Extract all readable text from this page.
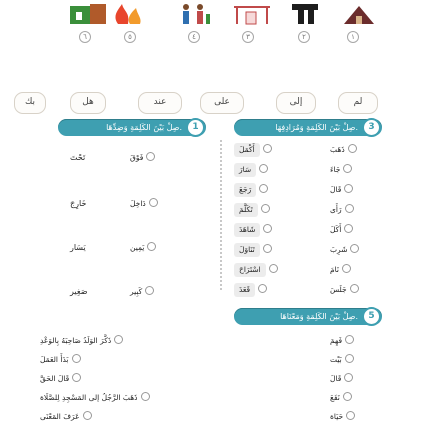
٦	٥	٤	٣	٢	١
بك	هل	عند	على	إلى	لم
صِلْ بَيْنَ الكَلِمَةِ وَضِدِّهَا.	1	صِلْ بَيْنَ الكَلِمَةِ وَمُرَادِفِهَا.	3
تَحْتَ	فَوْقَ
خَارِجَ	دَاخِلَ
يَسَار	يَمِين
صَغِير	كَبِير
أَكْمَلَ	ذَهَبَ
سَارَ	جَاءَ
رَجَعَ	قَالَ
تَكَلَّمَ	رَأَى
شَاهَدَ	أَكَلَ
تَنَاوَلَ	شَرِبَ
اسْتَرَاحَ	نَامَ
قَعَدَ	جَلَسَ
صِلْ بَيْنَ الكَلِمَةِ وَمَعْنَاهَا.	5
ذَكَّرَ الوَلَدُ صَاحِبَهُ بِالوَعْدِ	فَهِمَ
بَدَأَ العَمَلَ	بَيْت
قَالَ الحَقَّ	قَالَ
ذَهَبَ الرَّجُلُ إلى المَسْجِدِ لِلصَّلَاة	نَفَعَ
عَرَفَ المَعْنَى	حَيَاة
